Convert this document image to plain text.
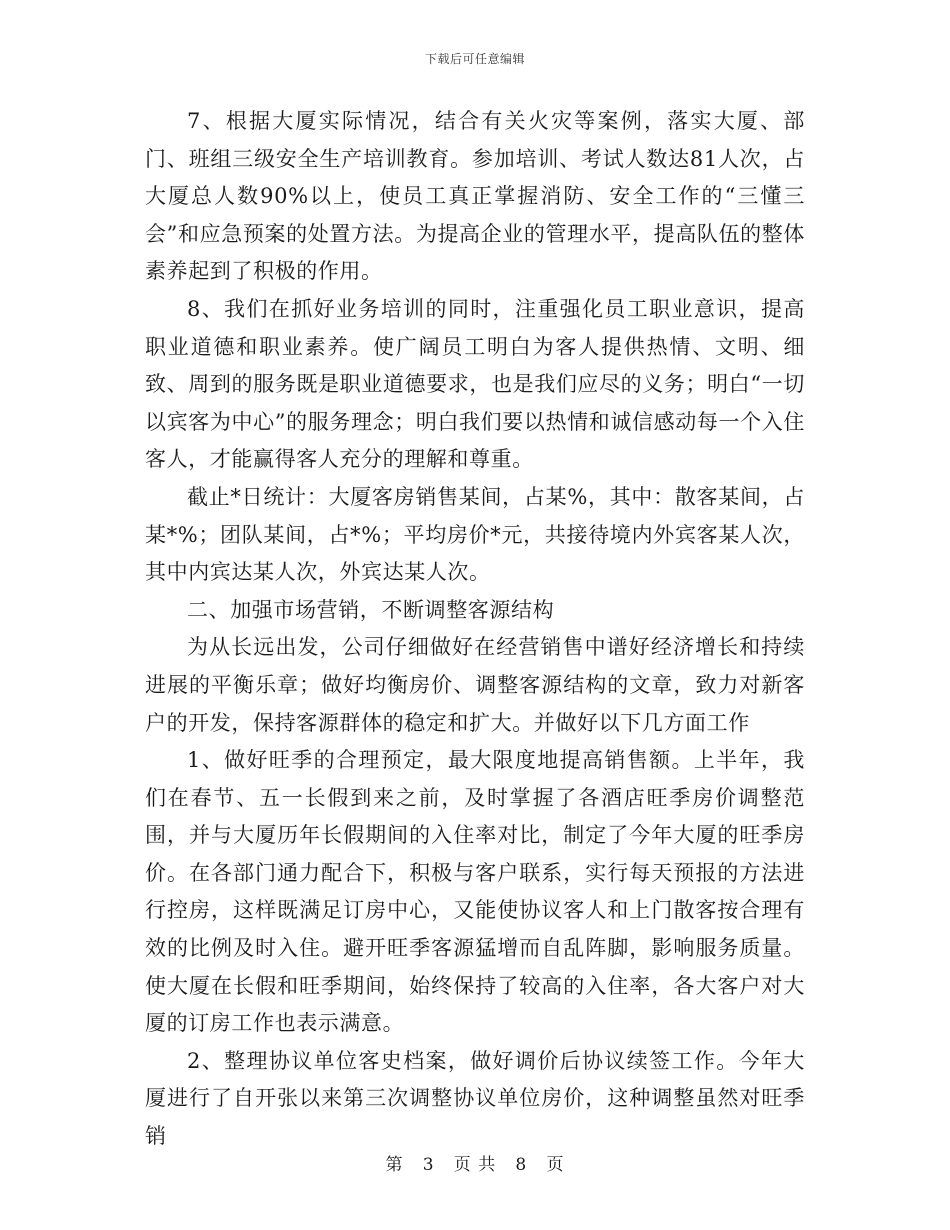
下载后可任意编辑

7、根据大厦实际情况，结合有关火灾等案例，落实大厦、部门、班组三级安全生产培训教育。参加培训、考试人数达81人次，占大厦总人数90%以上，使员工真正掌握消防、安全工作的“三懂三会”和应急预案的处置方法。为提高企业的管理水平，提高队伍的整体素养起到了积极的作用。

8、我们在抓好业务培训的同时，注重强化员工职业意识，提高职业道德和职业素养。使广阔员工明白为客人提供热情、文明、细致、周到的服务既是职业道德要求，也是我们应尽的义务；明白“一切以宾客为中心”的服务理念；明白我们要以热情和诚信感动每一个入住客人，才能赢得客人充分的理解和尊重。

截止*日统计：大厦客房销售某间，占某%，其中：散客某间，占某*%；团队某间，占*%；平均房价*元，共接待境内外宾客某人次，其中内宾达某人次，外宾达某人次。

二、加强市场营销，不断调整客源结构

为从长远出发，公司仔细做好在经营销售中谱好经济增长和持续进展的平衡乐章；做好均衡房价、调整客源结构的文章，致力对新客户的开发，保持客源群体的稳定和扩大。并做好以下几方面工作

1、做好旺季的合理预定，最大限度地提高销售额。上半年，我们在春节、五一长假到来之前，及时掌握了各酒店旺季房价调整范围，并与大厦历年长假期间的入住率对比，制定了今年大厦的旺季房价。在各部门通力配合下，积极与客户联系，实行每天预报的方法进行控房，这样既满足订房中心，又能使协议客人和上门散客按合理有效的比例及时入住。避开旺季客源猛增而自乱阵脚，影响服务质量。使大厦在长假和旺季期间，始终保持了较高的入住率，各大客户对大厦的订房工作也表示满意。

2、整理协议单位客史档案，做好调价后协议续签工作。今年大厦进行了自开张以来第三次调整协议单位房价，这种调整虽然对旺季销

第 3 页 共 8 页
